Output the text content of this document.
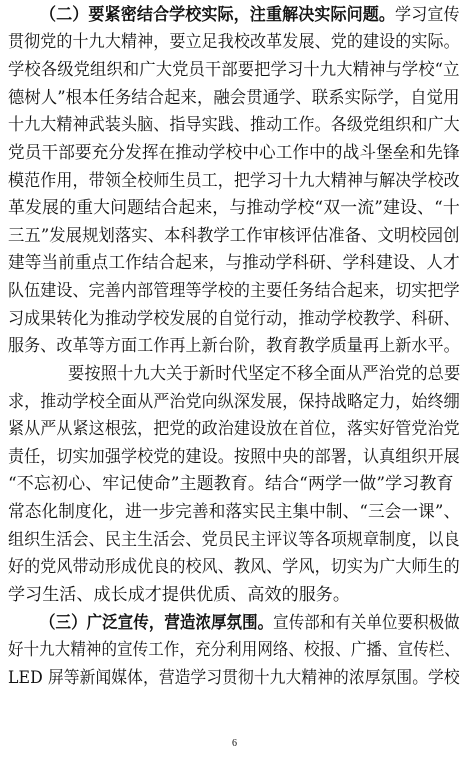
（二）要紧密结合学校实际，注重解决实际问题。学习宣传
贯彻党的十九大精神，要立足我校改革发展、党的建设的实际。
学校各级党组织和广大党员干部要把学习十九大精神与学校“立
德树人”根本任务结合起来，融会贯通学、联系实际学，自觉用
十九大精神武装头脑、指导实践、推动工作。各级党组织和广大
党员干部要充分发挥在推动学校中心工作中的战斗堡垒和先锋
模范作用，带领全校师生员工，把学习十九大精神与解决学校改
革发展的重大问题结合起来，与推动学校“双一流”建设、“十
三五”发展规划落实、本科教学工作审核评估准备、文明校园创
建等当前重点工作结合起来，与推动学科研、学科建设、人才
队伍建设、完善内部管理等学校的主要任务结合起来，切实把学
习成果转化为推动学校发展的自觉行动，推动学校教学、科研、
服务、改革等方面工作再上新台阶，教育教学质量再上新水平。
要按照十九大关于新时代坚定不移全面从严治党的总要
求，推动学校全面从严治党向纵深发展，保持战略定力，始终绷
紧从严从紧这根弦，把党的政治建设放在首位，落实好管党治党
责任，切实加强学校党的建设。按照中央的部署，认真组织开展
“不忘初心、牢记使命”主题教育。结合“两学一做”学习教育
常态化制度化，进一步完善和落实民主集中制、“三会一课”、
组织生活会、民主生活会、党员民主评议等各项规章制度，以良
好的党风带动形成优良的校风、教风、学风，切实为广大师生的
学习生活、成长成才提供优质、高效的服务。
（三）广泛宣传，营造浓厚氛围。宣传部和有关单位要积极做
好十九大精神的宣传工作，充分利用网络、校报、广播、宣传栏、
LED 屏等新闻媒体，营造学习贯彻十九大精神的浓厚氛围。学校
6
